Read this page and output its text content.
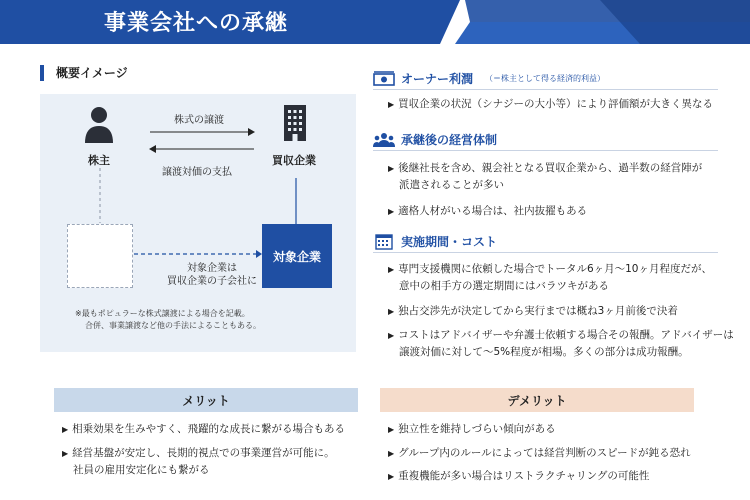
事業会社への承継
概要イメージ
株主	買収企業
株式の譲渡
譲渡対価の支払
対象企業
対象企業は
買収企業の子会社に
※最もポピュラーな株式譲渡による場合を記載。
合併、事業譲渡など他の手法によることもある。
オーナー利潤 （＝株主として得る経済的利益）
▶ 買収企業の状況（シナジーの大小等）により評価額が大きく異なる
承継後の経営体制
▶ 後継社長を含め、親会社となる買収企業から、過半数の経営陣が
派遣されることが多い
▶ 適格人材がいる場合は、社内抜擢もある
実施期間・コスト
▶ 専門支援機関に依頼した場合でトータル6ヶ月～10ヶ月程度だが、
意中の相手方の選定期間にはバラツキがある
▶ 独占交渉先が決定してから実行までは概ね3ヶ月前後で決着
▶ コストはアドバイザーや弁護士依頼する場合その報酬。アドバイザーは
譲渡対価に対して～5%程度が相場。多くの部分は成功報酬。
メリット
▶ 相乗効果を生みやすく、飛躍的な成長に繋がる場合もある
▶ 経営基盤が安定し、長期的視点での事業運営が可能に。
社員の雇用安定化にも繋がる
デメリット
▶ 独立性を維持しづらい傾向がある
▶ グループ内のルールによっては経営判断のスピードが鈍る恐れ
▶ 重複機能が多い場合はリストラクチャリングの可能性
